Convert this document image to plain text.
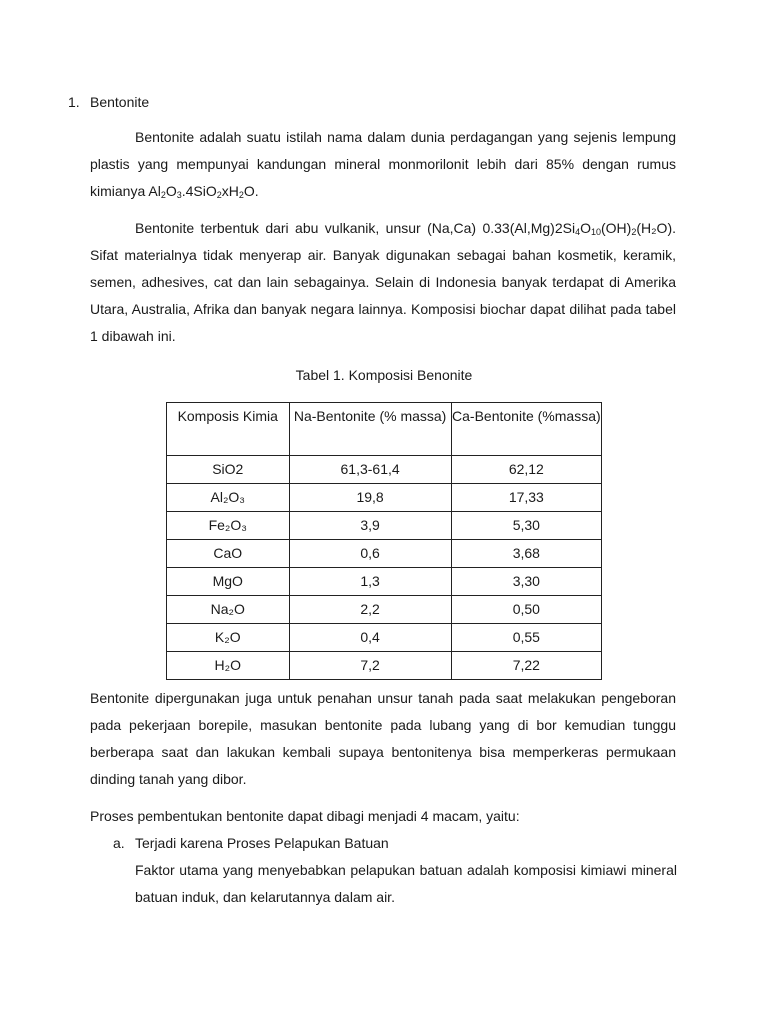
1. Bentonite

Bentonite adalah suatu istilah nama dalam dunia perdagangan yang sejenis lempung plastis yang mempunyai kandungan mineral monmorilonit lebih dari 85% dengan rumus kimianya $Al_2O_3.4SiO_2xH_2O$.

Bentonite terbentuk dari abu vulkanik, unsur (Na,Ca) $0.33(Al,Mg)2Si_4O_{10}(OH)_2(H_2O)$. Sifat materialnya tidak menyerap air. Banyak digunakan sebagai bahan kosmetik, keramik, semen, adhesives, cat dan lain sebagainya. Selain di Indonesia banyak terdapat di Amerika Utara, Australia, Afrika dan banyak negara lainnya. Komposisi biochar dapat dilihat pada tabel 1 dibawah ini.

Tabel 1. Komposisi Benonite
Komposis Kimia	Na-Bentonite (% massa)	Ca-Bentonite (%massa)
SiO2	61,3-61,4	62,12
Al₂O₃	19,8	17,33
Fe₂O₃	3,9	5,30
CaO	0,6	3,68
MgO	1,3	3,30
Na₂O	2,2	0,50
K₂O	0,4	0,55
H₂O	7,2	7,22

Bentonite dipergunakan juga untuk penahan unsur tanah pada saat melakukan pengeboran pada pekerjaan borepile, masukan bentonite pada lubang yang di bor kemudian tunggu berberapa saat dan lakukan kembali supaya bentonitenya bisa memperkeras permukaan dinding tanah yang dibor.

Proses pembentukan bentonite dapat dibagi menjadi 4 macam, yaitu:

a. Terjadi karena Proses Pelapukan Batuan

Faktor utama yang menyebabkan pelapukan batuan adalah komposisi kimiawi mineral batuan induk, dan kelarutannya dalam air.
